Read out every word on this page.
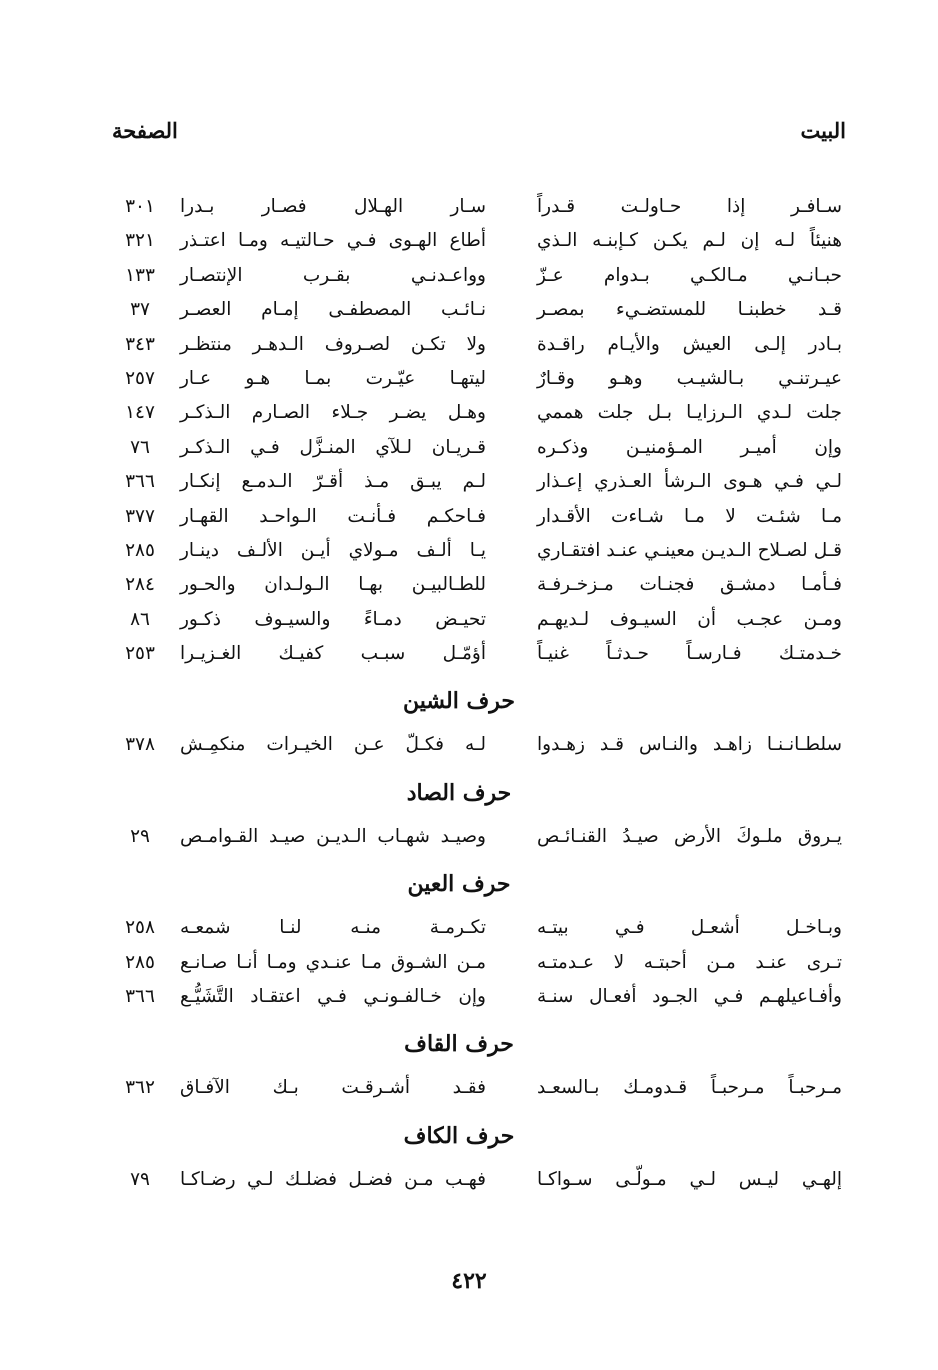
البيت
الصفحة
سـافـر إذا حـاولـت قـدراً
سـار الهـلال فصـار بـدرا
٣٠١
هنيئاً لـه إن لـم يكـن كـإبنـه الـذي
أطاع الهـوى فـي حـالتيـه ومـا اعتـذر
٣٢١
حبـانـي مـالكـي بـدوام عـزّ
وواعـدنـي بقـرب الإنتصـار
١٣٣
قـد خطبنـا للمستضـيء بمصـر
نـائـب المصطفـى إمـام العصـر
٣٧
بـادر إلـى العيش والأيـام راقـدة
ولا تكـن لصـروف الـدهـر منتظـر
٣٤٣
عيـرتنـي بـالشيـب وهـو وقـارٌ
ليتهـا عيّـرت بمـا هـو عـار
٢٥٧
جلت لـدي الـرزايـا بـل جلت هممي
وهـل يضـر جـلاء الصـارم الـذكـر
١٤٧
وإن أميـر المـؤمنيـن وذكـره
قـريـان لـلآي المنـزَّل فـي الـذكـر
٧٦
لـي فـي هـوى الـرشأ العـذري إعـذار
لـم يبـق مـذ أقـرّ الـدمـع إنكـار
٣٦٦
مـا شئـت لا مـا شـاءت الأقـدار
فـاحكـم فـأنـت الـواحـد القهـار
٣٧٧
قـل لصـلاح الـديـن معينـي عنـد افتقـاري
يـا ألـف مـولاي أيـن الألـف دينـار
٢٨٥
فـأمـا دمشـق فجنـات مـزخـرفـة
للطـالبيـن بهـا الـولـدان والحـور
٢٨٤
ومـن عجـب أن السيـوف لـديهـم
تحيـض دمـاءً والسيـوف ذكـور
٨٦
خـدمتـك فـارسـاً حـدثـاً غنيـاً
أؤمّـل سبـب كفيـك الغـزيـرا
٢٥٣
حرف الشين
سلطـانـنـا زاهـد والنـاس قـد زهـدوا
لـه فكـلّ عـن الخيـرات منكمِـش
٣٧٨
حرف الصاد
يـروق ملـوكَ الأرض صيـدُ القنـائـص
وصيـد شهـاب الـديـن صيـد القـوامـص
٢٩
حرف العين
وبـاخـل أشعـل فـي بيتـه
تكـرمـة منـه لنـا شمعـه
٢٥٨
تـرى عنـد مـن أحبتـه لا عـدمتـه
مـن الشـوق مـا عنـدي ومـا أنـا صـانـع
٢٨٥
وأفـاعيلهـم فـي الجـود أفعـال سنـة
وإن خـالفـونـي فـي اعتقـاد التَّشَيُّـع
٣٦٦
حرف القاف
مـرحبـاً مـرحبـاً قـدومـك بـالسعـد
فقـد أشـرقـت بـك الآفـاق
٣٦٢
حرف الكاف
إلهـي ليـس لـي مـولّـى سـواكـا
فهـب مـن فضـل فضلـك لـي رضـاكـا
٧٩
٤٢٢
